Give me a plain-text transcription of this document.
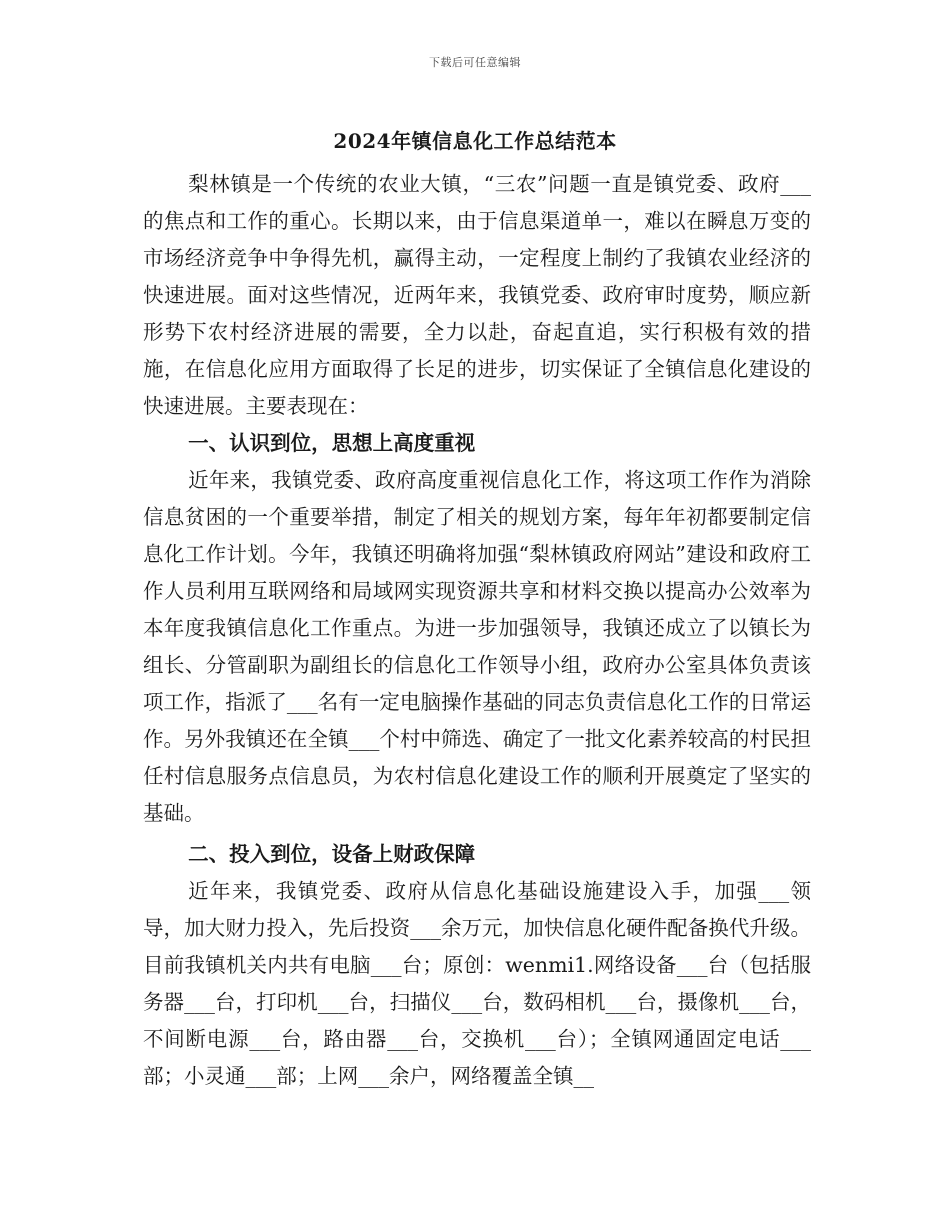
下载后可任意编辑
2024年镇信息化工作总结范本

梨林镇是一个传统的农业大镇，“三农”问题一直是镇党委、政府___的焦点和工作的重心。长期以来，由于信息渠道单一，难以在瞬息万变的市场经济竞争中争得先机，赢得主动，一定程度上制约了我镇农业经济的快速进展。面对这些情况，近两年来，我镇党委、政府审时度势，顺应新形势下农村经济进展的需要，全力以赴，奋起直追，实行积极有效的措施，在信息化应用方面取得了长足的进步，切实保证了全镇信息化建设的快速进展。主要表现在：

一、认识到位，思想上高度重视

近年来，我镇党委、政府高度重视信息化工作，将这项工作作为消除信息贫困的一个重要举措，制定了相关的规划方案，每年年初都要制定信息化工作计划。今年，我镇还明确将加强“梨林镇政府网站”建设和政府工作人员利用互联网络和局域网实现资源共享和材料交换以提高办公效率为本年度我镇信息化工作重点。为进一步加强领导，我镇还成立了以镇长为组长、分管副职为副组长的信息化工作领导小组，政府办公室具体负责该项工作，指派了___名有一定电脑操作基础的同志负责信息化工作的日常运作。另外我镇还在全镇___个村中筛选、确定了一批文化素养较高的村民担任村信息服务点信息员，为农村信息化建设工作的顺利开展奠定了坚实的基础。

二、投入到位，设备上财政保障

近年来，我镇党委、政府从信息化基础设施建设入手，加强___领导，加大财力投入，先后投资___余万元，加快信息化硬件配备换代升级。目前我镇机关内共有电脑___台；原创：wenmi1.网络设备___台（包括服务器___台，打印机___台，扫描仪___台，数码相机___台，摄像机___台，不间断电源___台，路由器___台，交换机___台）；全镇网通固定电话___部；小灵通___部；上网___余户，网络覆盖全镇__
